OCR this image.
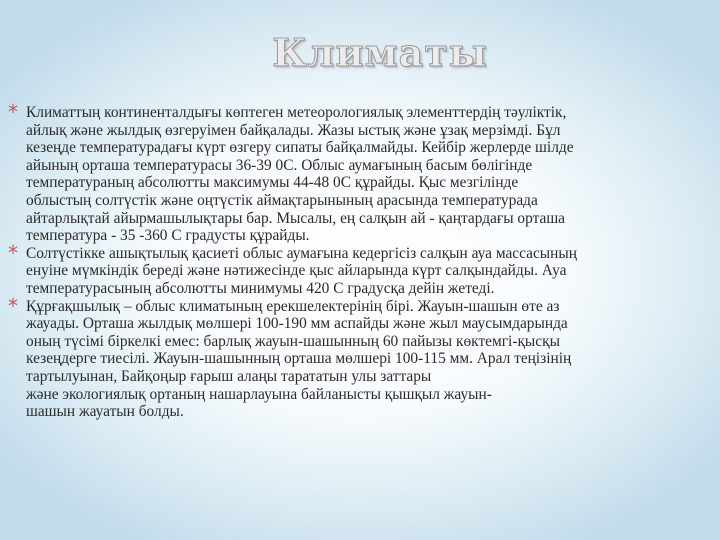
Климаты
* Климаттың континенталдығы көптеген метеорологиялық элементтердің тәуліктік,
айлық және жылдық өзгеруімен байқалады. Жазы ыстық және ұзақ мерзімді. Бұл
кезеңде температурадағы күрт өзгеру сипаты байқалмайды. Кейбір жерлерде шілде
айының орташа температурасы 36-39 0С. Облыс аумағының басым бөлігінде
температураның абсолютты максимумы 44-48 0С құрайды. Қыс мезгілінде
облыстың солтүстік және оңтүстік аймақтарынының арасында температурада
айтарлықтай айырмашылықтары бар. Мысалы, ең салқын ай - қаңтардағы орташа
температура - 35 -360 С градусты құрайды.
* Солтүстікке ашықтылық қасиеті облыс аумағына кедергісіз салқын ауа массасының
енуіне мүмкіндік береді және нәтижесінде қыс айларында күрт салқындайды. Ауа
температурасының абсолютты минимумы 420 С градусқа дейін жетеді.
* Құрғақшылық – облыс климатының ерекшелектерінің бірі. Жауын-шашын өте аз
жауады. Орташа жылдық мөлшері 100-190 мм аспайды және жыл маусымдарында
оның түсімі біркелкі емес: барлық жауын-шашынның 60 пайызы көктемгі-қысқы
кезеңдерге тиесілі. Жауын-шашынның орташа мөлшері 100-115 мм. Арал теңізінің
тартылуынан, Байқоңыр ғарыш алаңы тарататын улы заттары
және экологиялық ортаның нашарлауына байланысты қышқыл жауын-
шашын жауатын болды.
